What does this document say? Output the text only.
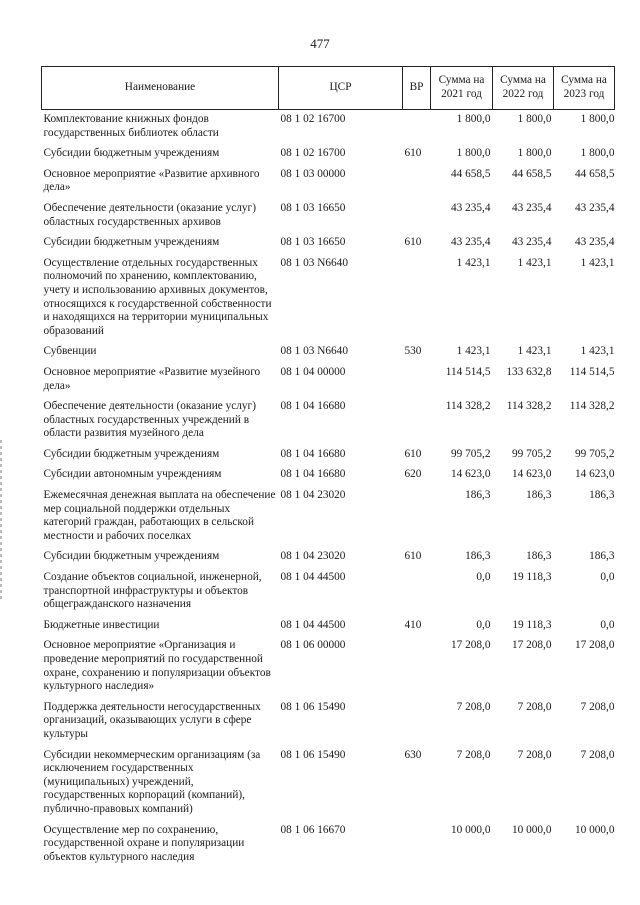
477
Наименование	ЦСР	ВР	Сумма на 2021 год	Сумма на 2022 год	Сумма на 2023 год
Комплектование книжных фондов государственных библиотек области	08 1 02 16700		1 800,0	1 800,0	1 800,0
Субсидии бюджетным учреждениям	08 1 02 16700	610	1 800,0	1 800,0	1 800,0
Основное мероприятие «Развитие архивного дела»	08 1 03 00000		44 658,5	44 658,5	44 658,5
Обеспечение деятельности (оказание услуг) областных государственных архивов	08 1 03 16650		43 235,4	43 235,4	43 235,4
Субсидии бюджетным учреждениям	08 1 03 16650	610	43 235,4	43 235,4	43 235,4
Осуществление отдельных государственных полномочий по хранению, комплектованию, учету и использованию архивных документов, относящихся к государственной собственности и находящихся на территории муниципальных образований	08 1 03 N6640		1 423,1	1 423,1	1 423,1
Субвенции	08 1 03 N6640	530	1 423,1	1 423,1	1 423,1
Основное мероприятие «Развитие музейного дела»	08 1 04 00000		114 514,5	133 632,8	114 514,5
Обеспечение деятельности (оказание услуг) областных государственных учреждений в области развития музейного дела	08 1 04 16680		114 328,2	114 328,2	114 328,2
Субсидии бюджетным учреждениям	08 1 04 16680	610	99 705,2	99 705,2	99 705,2
Субсидии автономным учреждениям	08 1 04 16680	620	14 623,0	14 623,0	14 623,0
Ежемесячная денежная выплата на обеспечение мер социальной поддержки отдельных категорий граждан, работающих в сельской местности и рабочих поселках	08 1 04 23020		186,3	186,3	186,3
Субсидии бюджетным учреждениям	08 1 04 23020	610	186,3	186,3	186,3
Создание объектов социальной, инженерной, транспортной инфраструктуры и объектов общегражданского назначения	08 1 04 44500		0,0	19 118,3	0,0
Бюджетные инвестиции	08 1 04 44500	410	0,0	19 118,3	0,0
Основное мероприятие «Организация и проведение мероприятий по государственной охране, сохранению и популяризации объектов культурного наследия»	08 1 06 00000		17 208,0	17 208,0	17 208,0
Поддержка деятельности негосударственных организаций, оказывающих услуги в сфере культуры	08 1 06 15490		7 208,0	7 208,0	7 208,0
Субсидии некоммерческим организациям (за исключением государственных (муниципальных) учреждений, государственных корпораций (компаний), публично-правовых компаний)	08 1 06 15490	630	7 208,0	7 208,0	7 208,0
Осуществление мер по сохранению, государственной охране и популяризации объектов культурного наследия	08 1 06 16670		10 000,0	10 000,0	10 000,0
